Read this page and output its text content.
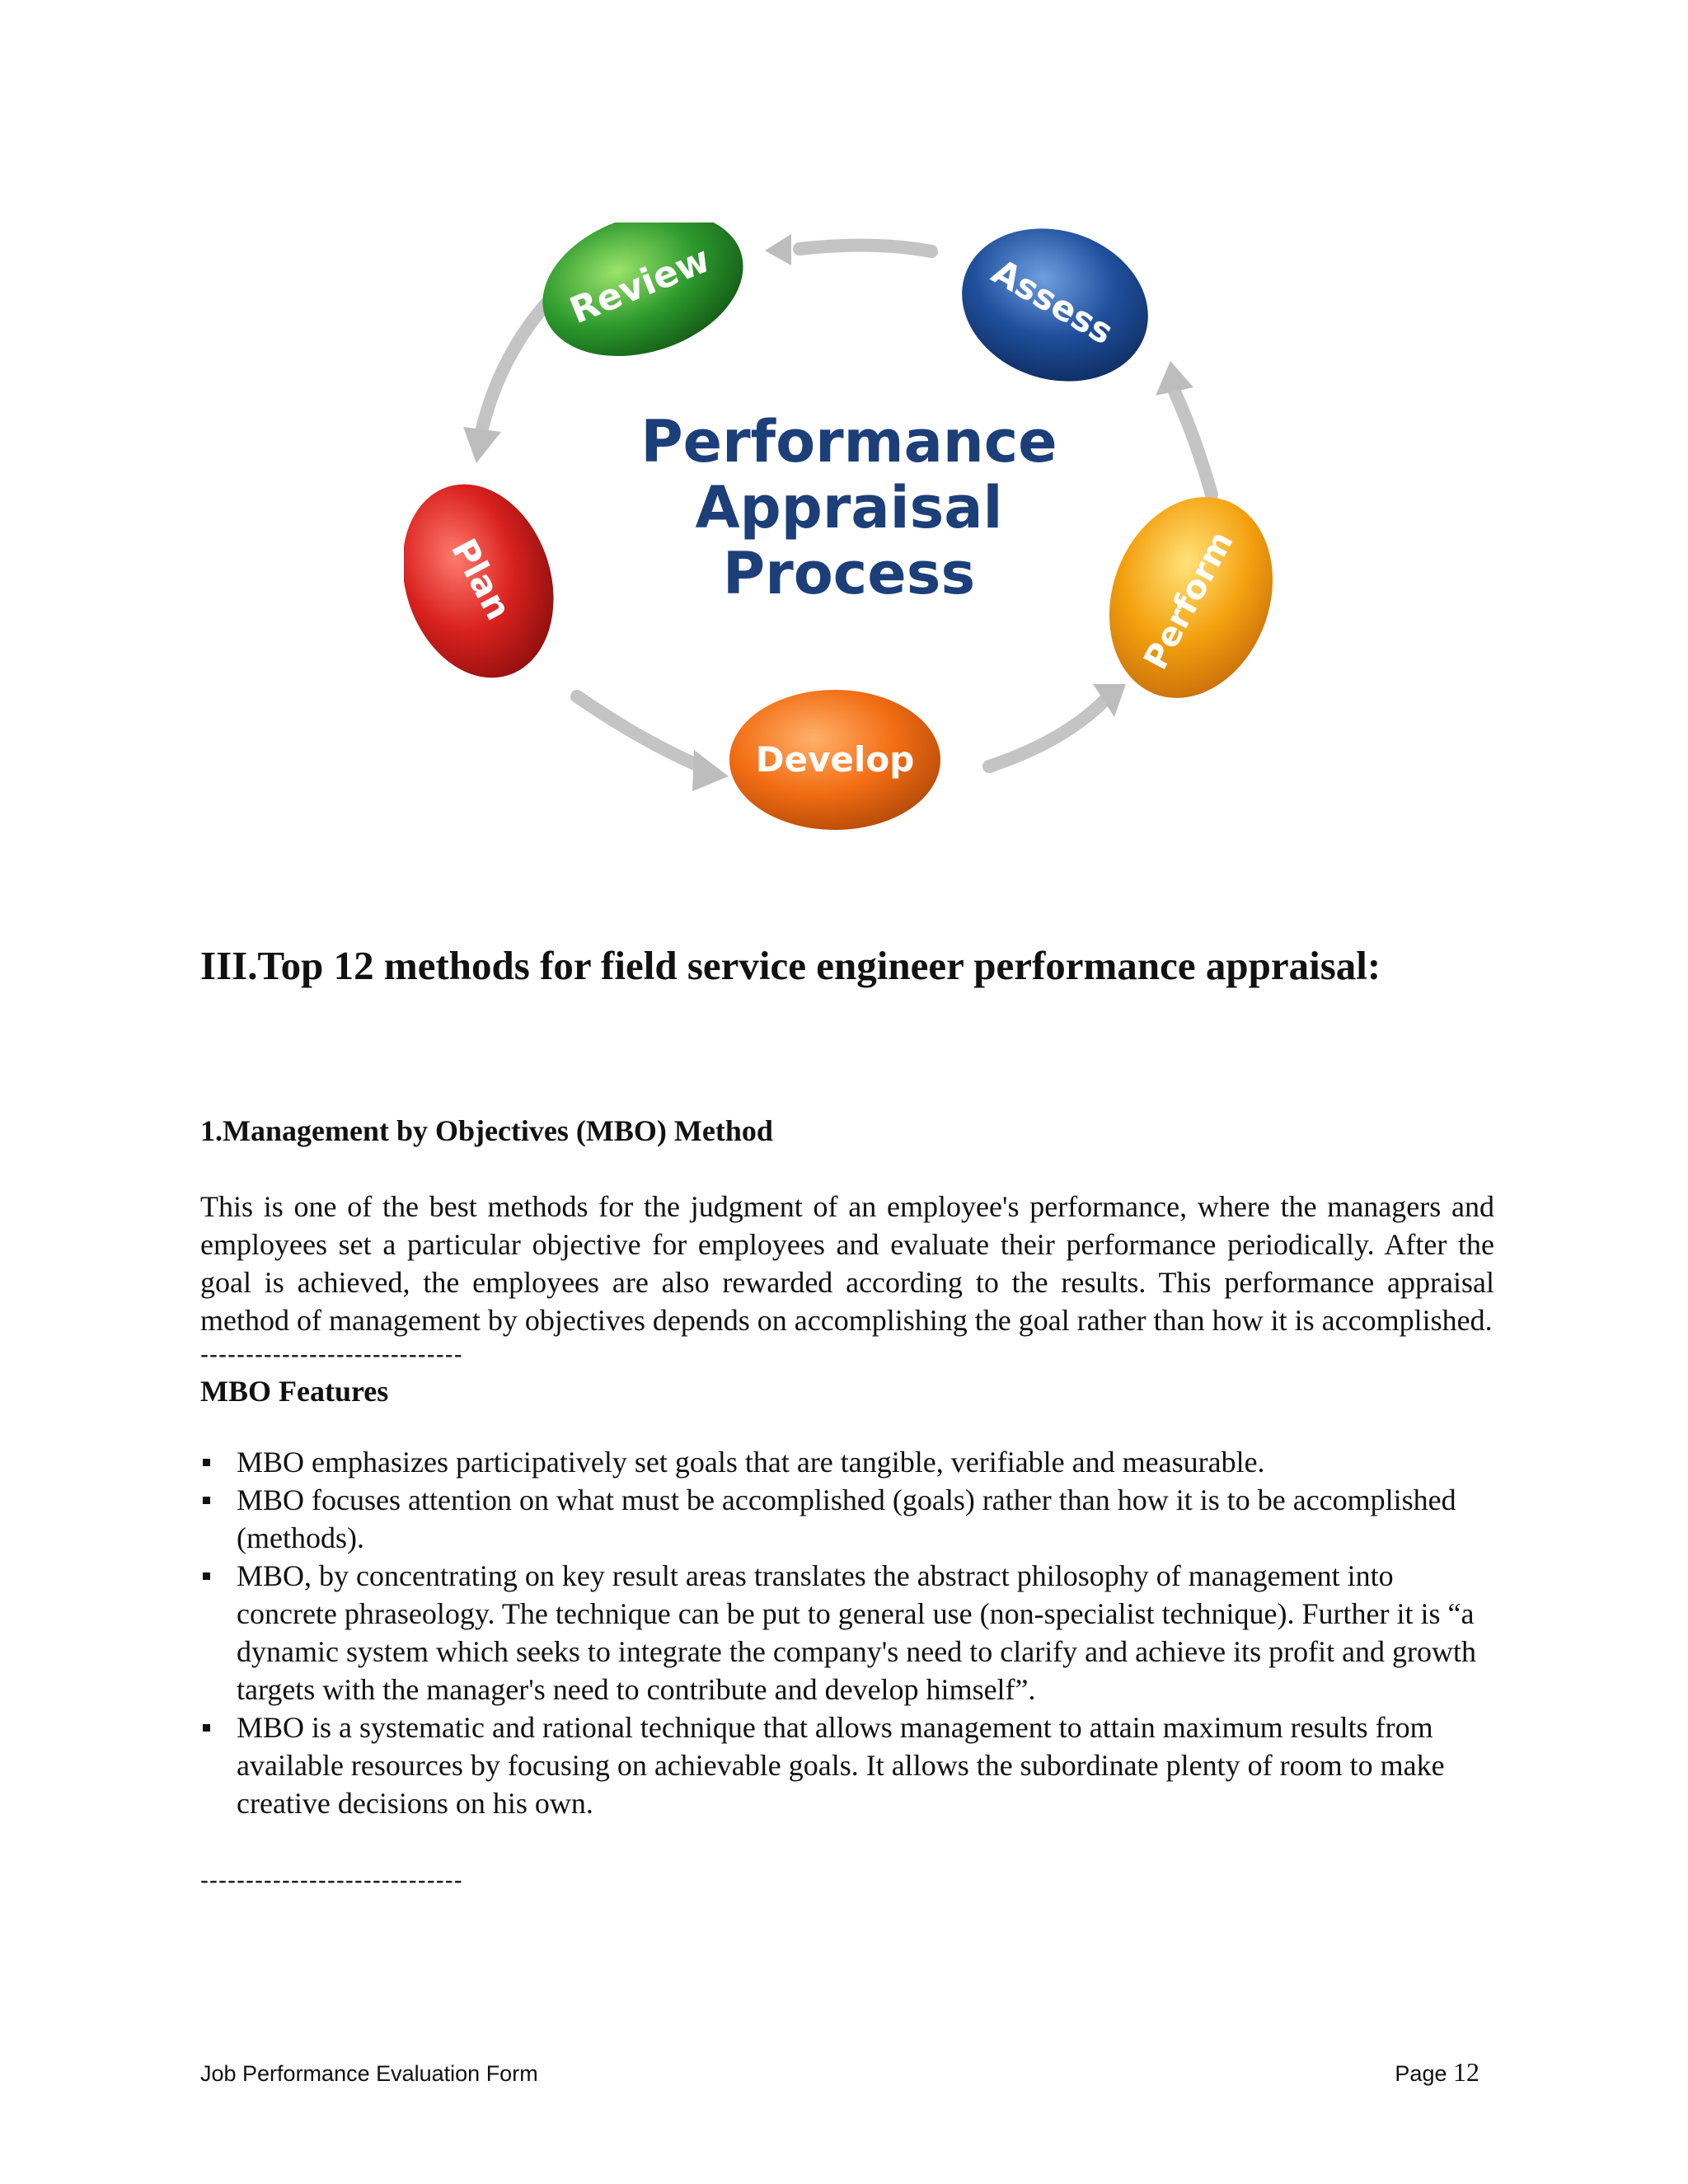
Review	Assess
Perform
Develop
Plan
Performance
Appraisal
Process
III.Top 12 methods for field service engineer performance appraisal:
1.Management by Objectives (MBO) Method

This is one of the best methods for the judgment of an employee's performance, where the managers and employees set a particular objective for employees and evaluate their performance periodically. After the goal is achieved, the employees are also rewarded according to the results. This performance appraisal method of management by objectives depends on accomplishing the goal rather than how it is accomplished.

-----------------------------

MBO Features

MBO emphasizes participatively set goals that are tangible, verifiable and measurable.
MBO focuses attention on what must be accomplished (goals) rather than how it is to be accomplished (methods).
MBO, by concentrating on key result areas translates the abstract philosophy of management into concrete phraseology. The technique can be put to general use (non-specialist technique). Further it is “a dynamic system which seeks to integrate the company's need to clarify and achieve its profit and growth targets with the manager's need to contribute and develop himself”.
MBO is a systematic and rational technique that allows management to attain maximum results from available resources by focusing on achievable goals. It allows the subordinate plenty of room to make creative decisions on his own.

-----------------------------

Job Performance Evaluation Form	Page 12
